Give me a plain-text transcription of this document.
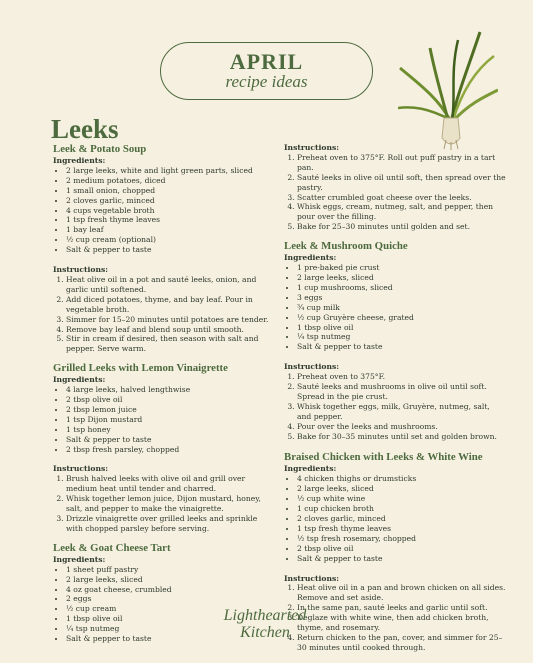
APRIL
recipe ideas
Leeks
Leek & Potato Soup
Ingredients:
• 2 large leeks, white and light green parts, sliced
• 2 medium potatoes, diced
• 1 small onion, chopped
• 2 cloves garlic, minced
• 4 cups vegetable broth
• 1 tsp fresh thyme leaves
• 1 bay leaf
• ½ cup cream (optional)
• Salt & pepper to taste
Instructions:
1. Heat olive oil in a pot and sauté leeks, onion, and garlic until softened.
2. Add diced potatoes, thyme, and bay leaf. Pour in vegetable broth.
3. Simmer for 15–20 minutes until potatoes are tender.
4. Remove bay leaf and blend soup until smooth.
5. Stir in cream if desired, then season with salt and pepper. Serve warm.
Grilled Leeks with Lemon Vinaigrette
Ingredients:
• 4 large leeks, halved lengthwise
• 2 tbsp olive oil
• 2 tbsp lemon juice
• 1 tsp Dijon mustard
• 1 tsp honey
• Salt & pepper to taste
• 2 tbsp fresh parsley, chopped
Instructions:
1. Brush halved leeks with olive oil and grill over medium heat until tender and charred.
2. Whisk together lemon juice, Dijon mustard, honey, salt, and pepper to make the vinaigrette.
3. Drizzle vinaigrette over grilled leeks and sprinkle with chopped parsley before serving.
Leek & Goat Cheese Tart
Ingredients:
• 1 sheet puff pastry
• 2 large leeks, sliced
• 4 oz goat cheese, crumbled
• 2 eggs
• ½ cup cream
• 1 tbsp olive oil
• ¼ tsp nutmeg
• Salt & pepper to taste
Instructions:
1. Preheat oven to 375°F. Roll out puff pastry in a tart pan.
2. Sauté leeks in olive oil until soft, then spread over the pastry.
3. Scatter crumbled goat cheese over the leeks.
4. Whisk eggs, cream, nutmeg, salt, and pepper, then pour over the filling.
5. Bake for 25–30 minutes until golden and set.
Leek & Mushroom Quiche
Ingredients:
• 1 pre-baked pie crust
• 2 large leeks, sliced
• 1 cup mushrooms, sliced
• 3 eggs
• ¾ cup milk
• ½ cup Gruyère cheese, grated
• 1 tbsp olive oil
• ¼ tsp nutmeg
• Salt & pepper to taste
Instructions:
1. Preheat oven to 375°F.
2. Sauté leeks and mushrooms in olive oil until soft. Spread in the pie crust.
3. Whisk together eggs, milk, Gruyère, nutmeg, salt, and pepper.
4. Pour over the leeks and mushrooms.
5. Bake for 30–35 minutes until set and golden brown.
Braised Chicken with Leeks & White Wine
Ingredients:
• 4 chicken thighs or drumsticks
• 2 large leeks, sliced
• ½ cup white wine
• 1 cup chicken broth
• 2 cloves garlic, minced
• 1 tsp fresh thyme leaves
• ½ tsp fresh rosemary, chopped
• 2 tbsp olive oil
• Salt & pepper to taste
Instructions:
1. Heat olive oil in a pan and brown chicken on all sides. Remove and set aside.
2. In the same pan, sauté leeks and garlic until soft.
3. Deglaze with white wine, then add chicken broth, thyme, and rosemary.
4. Return chicken to the pan, cover, and simmer for 25–30 minutes until cooked through.
Lighthearted
Kitchen
